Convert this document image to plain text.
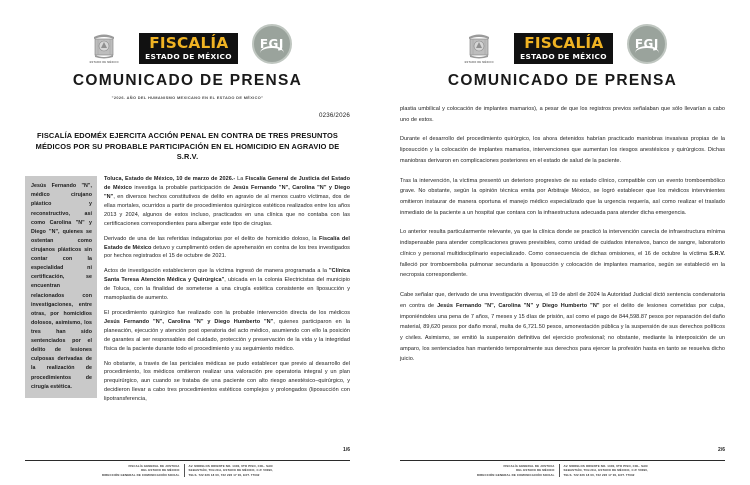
ESTADO DE MÉXICO
FISCALÍA
ESTADO DE MÉXICO
FGJ
COMUNICADO DE PRENSA
"2026. AÑO DEL HUMANISMO MEXICANO EN EL ESTADO DE MÉXICO"
0236/2026
FISCALÍA EDOMÉX EJERCITA ACCIÓN PENAL EN CONTRA DE TRES PRESUNTOS MÉDICOS POR SU PROBABLE PARTICIPACIÓN EN EL HOMICIDIO EN AGRAVIO DE S.R.V.
Jesús Fernando "N", médico cirujano plástico y reconstructivo, así como Carolina "N" y Diego "N", quienes se ostentan como cirujanos plásticos sin contar con la especialidad ni certificación, se encuentran relacionados con investigaciones, entre otras, por homicidios dolosos, asimismo, los tres han sido sentenciados por el delito de lesiones culposas derivadas de la realización de procedimientos de cirugía estética.

Toluca, Estado de México, 10 de marzo de 2026.- La Fiscalía General de Justicia del Estado de México investiga la probable participación de Jesús Fernando "N", Carolina "N" y Diego "N", en diversos hechos constitutivos de delito en agravio de al menos cuatro víctimas, dos de ellas mortales, ocurridos a partir de procedimientos quirúrgicos estéticos realizados entre los años 2013 y 2024, algunos de estos incluso, practicados en una clínica que no contaba con las certificaciones correspondientes para albergar este tipo de cirugías.

Derivado de una de las referidas indagatorias por el delito de homicidio doloso, la Fiscalía del Estado de México detuvo y cumplimentó orden de aprehensión en contra de los tres investigados por hechos registrados el 15 de octubre de 2021.

Actos de investigación establecieron que la víctima ingresó de manera programada a la "Clínica Santa Teresa Atención Médica y Quirúrgica", ubicada en la colonia Electricistas del municipio de Toluca, con la finalidad de someterse a una cirugía estética consistente en liposucción y mamoplastia de aumento.

El procedimiento quirúrgico fue realizado con la probable intervención directa de los médicos Jesús Fernando "N", Carolina "N" y Diego Humberto "N", quienes participaron en la planeación, ejecución y atención post operatoria del acto médico, asumiendo con ello la posición de garantes al ser responsables del cuidado, protección y preservación de la vida y la integridad física de la paciente durante todo el procedimiento y su seguimiento médico.

No obstante, a través de las periciales médicas se pudo establecer que previo al desarrollo del procedimiento, los médicos omitieron realizar una valoración pre operatoria integral y un plan prequirúrgico, aun cuando se trataba de una paciente con alto riesgo anestésico–quirúrgico, y decidieron llevar a cabo tres procedimientos estéticos complejos y prolongados (liposucción con lipotransferencia,

1/6
FISCALÍA GENERAL DE JUSTICIA
DEL ESTADO DE MÉXICO
DIRECCIÓN GENERAL DE COMUNICACIÓN SOCIAL
AV. MORELOS ORIENTE NO. 1300, 6TO PISO, COL. SAN
SEBASTIÁN, TOLUCA, ESTADO DE MÉXICO, C.P. 50090,
TELS. 722 226 18 00, 722 226 17 00, EXT. 77032
ESTADO DE MÉXICO
FISCALÍA
ESTADO DE MÉXICO
FGJ
COMUNICADO DE PRENSA

plastia umbilical y colocación de implantes mamarios), a pesar de que los registros previos señalaban que sólo llevarían a cabo uno de estos.

Durante el desarrollo del procedimiento quirúrgico, los ahora detenidos habrían practicado maniobras invasivas propias de la liposucción y la colocación de implantes mamarios, intervenciones que aumentan los riesgos anestésicos y quirúrgicos. Dichas maniobras derivaron en complicaciones posteriores en el estado de salud de la paciente.

Tras la intervención, la víctima presentó un deterioro progresivo de su estado clínico, compatible con un evento tromboembólico grave. No obstante, según la opinión técnica emita por Arbitraje México, se logró establecer que los médicos intervinientes omitieron instaurar de manera oportuna el manejo médico especializado que la urgencia requería, así como realizar el traslado inmediato de la paciente a un hospital que contara con la infraestructura adecuada para atender dicha emergencia.

Lo anterior resulta particularmente relevante, ya que la clínica donde se practicó la intervención carecía de infraestructura mínima indispensable para atender complicaciones graves previsibles, como unidad de cuidados intensivos, banco de sangre, laboratorio clínico y personal multidisciplinario especializado. Como consecuencia de dichas omisiones, el 16 de octubre la víctima S.R.V. falleció por tromboembolia pulmonar secundaria a liposucción y colocación de implantes mamarios, según se estableció en la necropsia correspondiente.

Cabe señalar que, derivado de una investigación diversa, el 19 de abril de 2024 la Autoridad Judicial dictó sentencia condenatoria en contra de Jesús Fernando "N", Carolina "N" y Diego Humberto "N" por el delito de lesiones cometidas por culpa, imponiéndoles una pena de 7 años, 7 meses y 15 días de prisión, así como el pago de 844,598.87 pesos por reparación del daño material, 89,620 pesos por daño moral, multa de 6,721.50 pesos, amonestación pública y la suspensión de sus derechos políticos y civiles. Asimismo, se emitió la suspensión definitiva del ejercicio profesional; no obstante, mediante la interposición de un amparo, los sentenciados han mantenido temporalmente sus derechos para ejercer la profesión hasta en tanto se resuelva dicho juicio.

2/6
FISCALÍA GENERAL DE JUSTICIA
DEL ESTADO DE MÉXICO
DIRECCIÓN GENERAL DE COMUNICACIÓN SOCIAL
AV. MORELOS ORIENTE NO. 1300, 6TO PISO, COL. SAN
SEBASTIÁN, TOLUCA, ESTADO DE MÉXICO, C.P. 50090,
TELS. 722 226 18 00, 722 226 17 00, EXT. 77032
